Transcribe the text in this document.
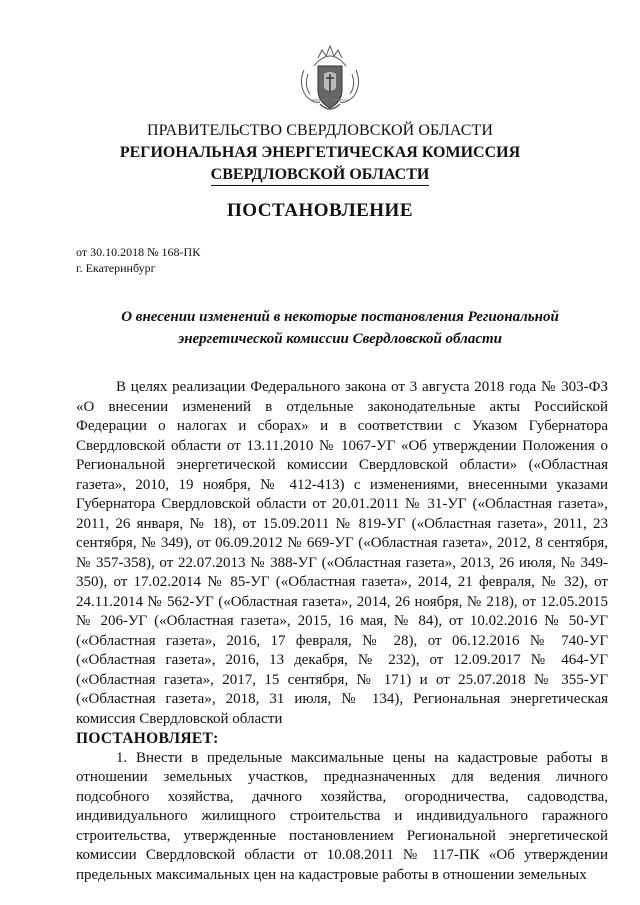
ПРАВИТЕЛЬСТВО СВЕРДЛОВСКОЙ ОБЛАСТИ
РЕГИОНАЛЬНАЯ ЭНЕРГЕТИЧЕСКАЯ КОМИССИЯ
СВЕРДЛОВСКОЙ ОБЛАСТИ
ПОСТАНОВЛЕНИЕ
от 30.10.2018 № 168-ПК
г. Екатеринбург
О внесении изменений в некоторые постановления Региональной энергетической комиссии Свердловской области

В целях реализации Федерального закона от 3 августа 2018 года № 303-ФЗ «О внесении изменений в отдельные законодательные акты Российской Федерации о налогах и сборах» и в соответствии с Указом Губернатора Свердловской области от 13.11.2010 № 1067-УГ «Об утверждении Положения о Региональной энергетической комиссии Свердловской области» («Областная газета», 2010, 19 ноября, № 412-413) с изменениями, внесенными указами Губернатора Свердловской области от 20.01.2011 № 31-УГ («Областная газета», 2011, 26 января, № 18), от 15.09.2011 № 819-УГ («Областная газета», 2011, 23 сентября, № 349), от 06.09.2012 № 669-УГ («Областная газета», 2012, 8 сентября, № 357-358), от 22.07.2013 № 388-УГ («Областная газета», 2013, 26 июля, № 349-350), от 17.02.2014 № 85-УГ («Областная газета», 2014, 21 февраля, № 32), от 24.11.2014 № 562-УГ («Областная газета», 2014, 26 ноября, № 218), от 12.05.2015 № 206-УГ («Областная газета», 2015, 16 мая, № 84), от 10.02.2016 № 50-УГ («Областная газета», 2016, 17 февраля, № 28), от 06.12.2016 № 740-УГ («Областная газета», 2016, 13 декабря, № 232), от 12.09.2017 № 464-УГ («Областная газета», 2017, 15 сентября, № 171) и от 25.07.2018 № 355-УГ («Областная газета», 2018, 31 июля, № 134), Региональная энергетическая комиссия Свердловской области

ПОСТАНОВЛЯЕТ:

1. Внести в предельные максимальные цены на кадастровые работы в отношении земельных участков, предназначенных для ведения личного подсобного хозяйства, дачного хозяйства, огородничества, садоводства, индивидуального жилищного строительства и индивидуального гаражного строительства, утвержденные постановлением Региональной энергетической комиссии Свердловской области от 10.08.2011 № 117-ПК «Об утверждении предельных максимальных цен на кадастровые работы в отношении земельных
